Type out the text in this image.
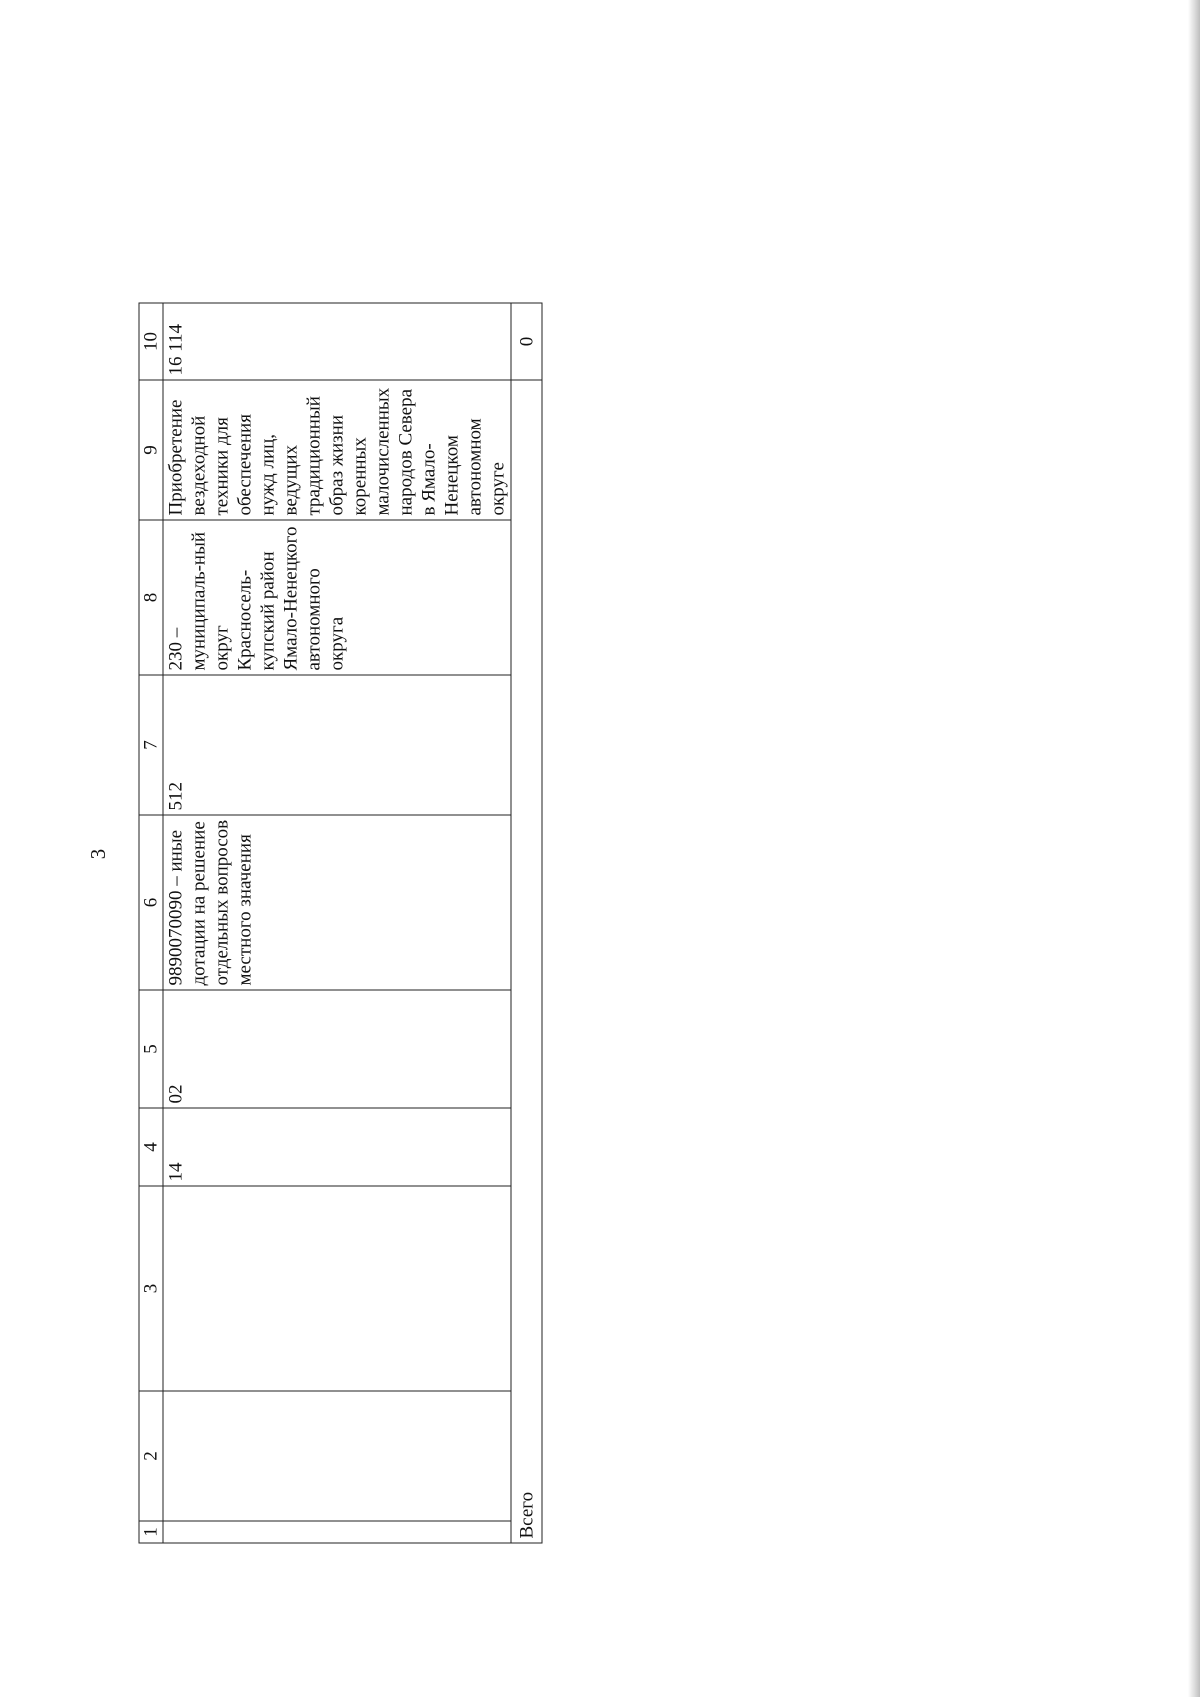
3
1	2	3	4	5	6	7	8	9	10
			14	02	9890070090 – иные дотации на решение отдельных вопросов местного значения	512	230 – муниципаль-ный округ Красносель-купский район Ямало-Ненецкого автономного округа	Приобретение вездеходной техники для обеспечения нужд лиц, ведущих традиционный образ жизни коренных малочисленных народов Севера в Ямало-Ненецком автономном округе	16 114
Всего									0
